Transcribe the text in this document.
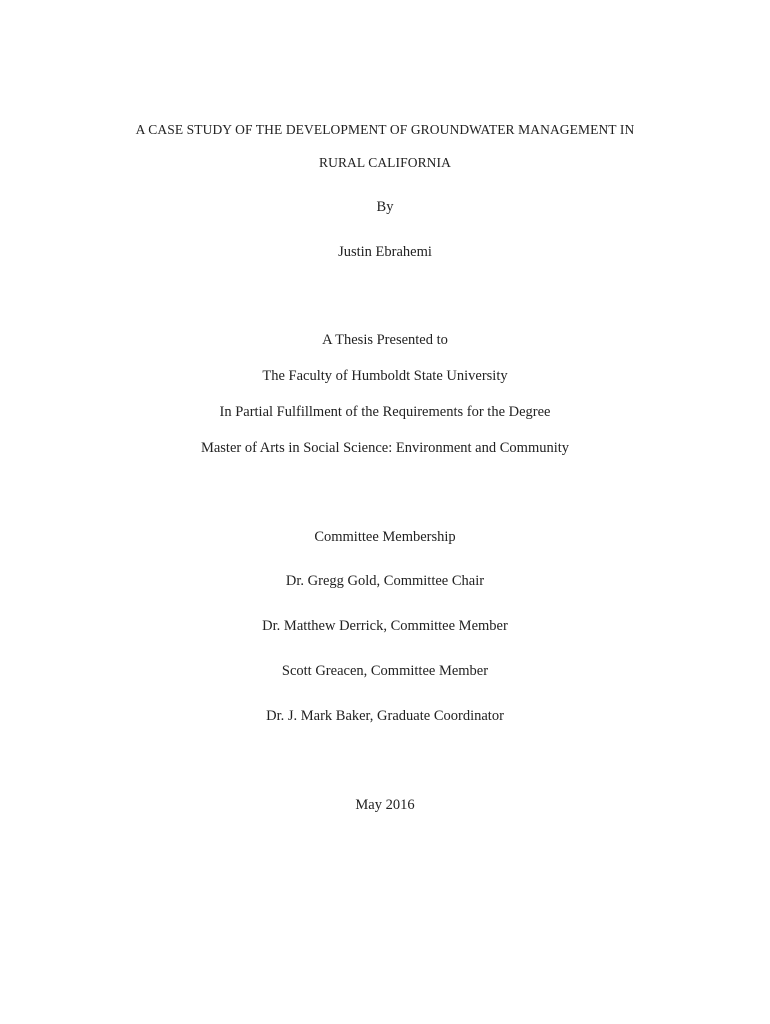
A CASE STUDY OF THE DEVELOPMENT OF GROUNDWATER MANAGEMENT IN
RURAL CALIFORNIA
By
Justin Ebrahemi
A Thesis Presented to
The Faculty of Humboldt State University
In Partial Fulfillment of the Requirements for the Degree
Master of Arts in Social Science: Environment and Community
Committee Membership
Dr. Gregg Gold, Committee Chair
Dr. Matthew Derrick, Committee Member
Scott Greacen, Committee Member
Dr. J. Mark Baker, Graduate Coordinator
May 2016
